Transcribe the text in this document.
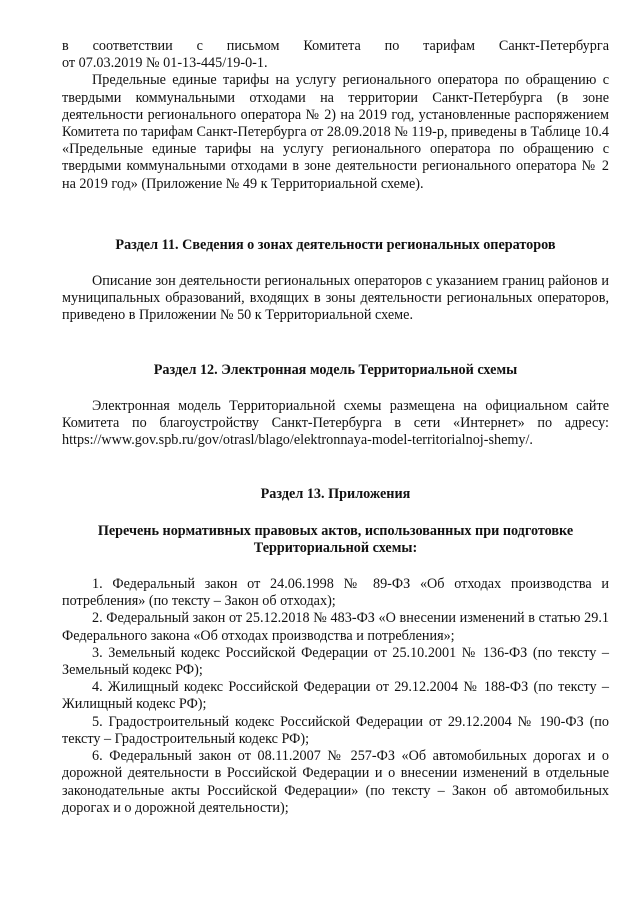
в соответствии с письмом Комитета по тарифам Санкт-Петербурга

от 07.03.2019 № 01-13-445/19-0-1.

Предельные единые тарифы на услугу регионального оператора по обращению с твердыми коммунальными отходами на территории Санкт-Петербурга (в зоне деятельности регионального оператора № 2) на 2019 год, установленные распоряжением Комитета по тарифам Санкт-Петербурга от 28.09.2018 № 119-р, приведены в Таблице 10.4 «Предельные единые тарифы на услугу регионального оператора по обращению с твердыми коммунальными отходами в зоне деятельности регионального оператора № 2 на 2019 год» (Приложение № 49 к Территориальной схеме).

Раздел 11. Сведения о зонах деятельности региональных операторов

Описание зон деятельности региональных операторов с указанием границ районов и муниципальных образований, входящих в зоны деятельности региональных операторов, приведено в Приложении № 50 к Территориальной схеме.

Раздел 12. Электронная модель Территориальной схемы

Электронная модель Территориальной схемы размещена на официальном сайте Комитета по благоустройству Санкт-Петербурга в сети «Интернет» по адресу: https://www.gov.spb.ru/gov/otrasl/blago/elektronnaya-model-territorialnoj-shemy/.

Раздел 13. Приложения

Перечень нормативных правовых актов, использованных при подготовке

Территориальной схемы:

1. Федеральный закон от 24.06.1998 № 89-ФЗ «Об отходах производства и потребления» (по тексту – Закон об отходах);

2. Федеральный закон от 25.12.2018 № 483-ФЗ «О внесении изменений в статью 29.1 Федерального закона «Об отходах производства и потребления»;

3. Земельный кодекс Российской Федерации от 25.10.2001 № 136-ФЗ (по тексту – Земельный кодекс РФ);

4. Жилищный кодекс Российской Федерации от 29.12.2004 № 188-ФЗ (по тексту – Жилищный кодекс РФ);

5. Градостроительный кодекс Российской Федерации от 29.12.2004 № 190-ФЗ (по тексту – Градостроительный кодекс РФ);

6. Федеральный закон от 08.11.2007 № 257-ФЗ «Об автомобильных дорогах и о дорожной деятельности в Российской Федерации и о внесении изменений в отдельные законодательные акты Российской Федерации» (по тексту – Закон об автомобильных дорогах и о дорожной деятельности);
